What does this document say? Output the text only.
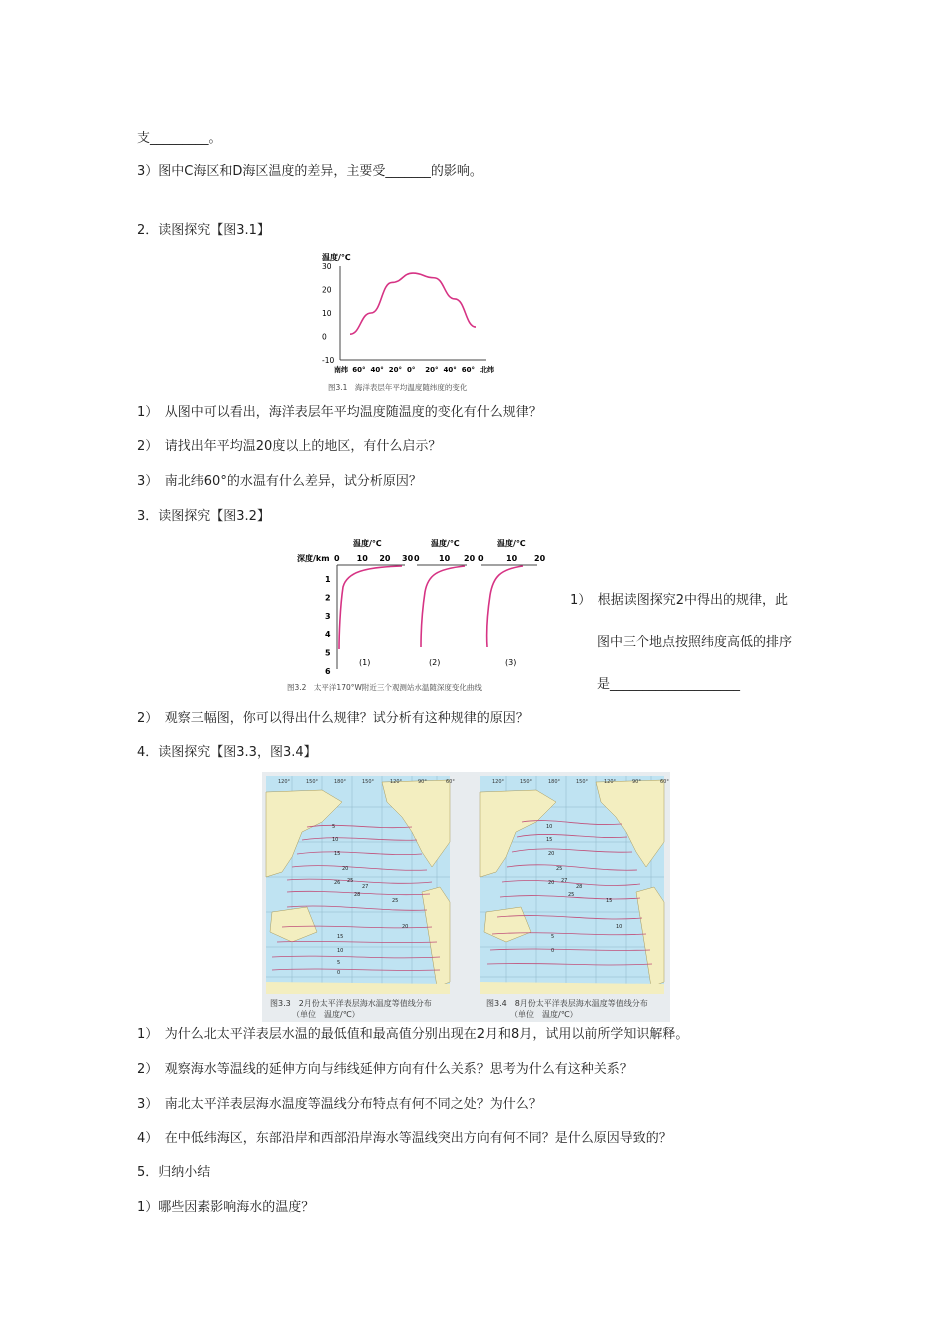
支_________。
3）图中C海区和D海区温度的差异，主要受_______的影响。
2．读图探究【图3.1】
温度/℃
30
20
10
0
-10
南纬 60° 40° 20° 0° 20° 40° 60° 北纬
图3.1　海洋表层年平均温度随纬度的变化
1）　从图中可以看出，海洋表层年平均温度随温度的变化有什么规律？
2）　请找出年平均温20度以上的地区，有什么启示？
3）　南北纬60°的水温有什么差异，试分析原因？
3．读图探究【图3.2】
温度/℃	温度/℃	温度/℃
深度/km 0 10 20 30 0 10 20 0	10 20
1
2
3
4
5
6
(1)	(2)	(3)
图3.2　太平洋170°W附近三个观测站水温随深度变化曲线
1）　根据读图探究2中得出的规律，此
图中三个地点按照纬度高低的排序
是____________________
2）　观察三幅图，你可以得出什么规律？试分析有这种规律的原因？
4．读图探究【图3.3，图3.4】
5
10
15
20
25
27
28
26
25
20
15
10
5
0
120°	150°	180°	150°	120°	90°	60°
10
15
20
25
27
28
25
20
15
10
5
0
120°	150°	180°	150°	120°	90°	60°
图3.3　2月份太平洋表层海水温度等值线分布
（单位　温度/℃）
图3.4　8月份太平洋表层海水温度等值线分布
（单位　温度/℃）
1）　为什么北太平洋表层水温的最低值和最高值分别出现在2月和8月，试用以前所学知识解释。
2）　观察海水等温线的延伸方向与纬线延伸方向有什么关系？思考为什么有这种关系？
3）　南北太平洋表层海水温度等温线分布特点有何不同之处？为什么？
4）　在中低纬海区，东部沿岸和西部沿岸海水等温线突出方向有何不同？是什么原因导致的？
5．归纳小结
1）哪些因素影响海水的温度？
